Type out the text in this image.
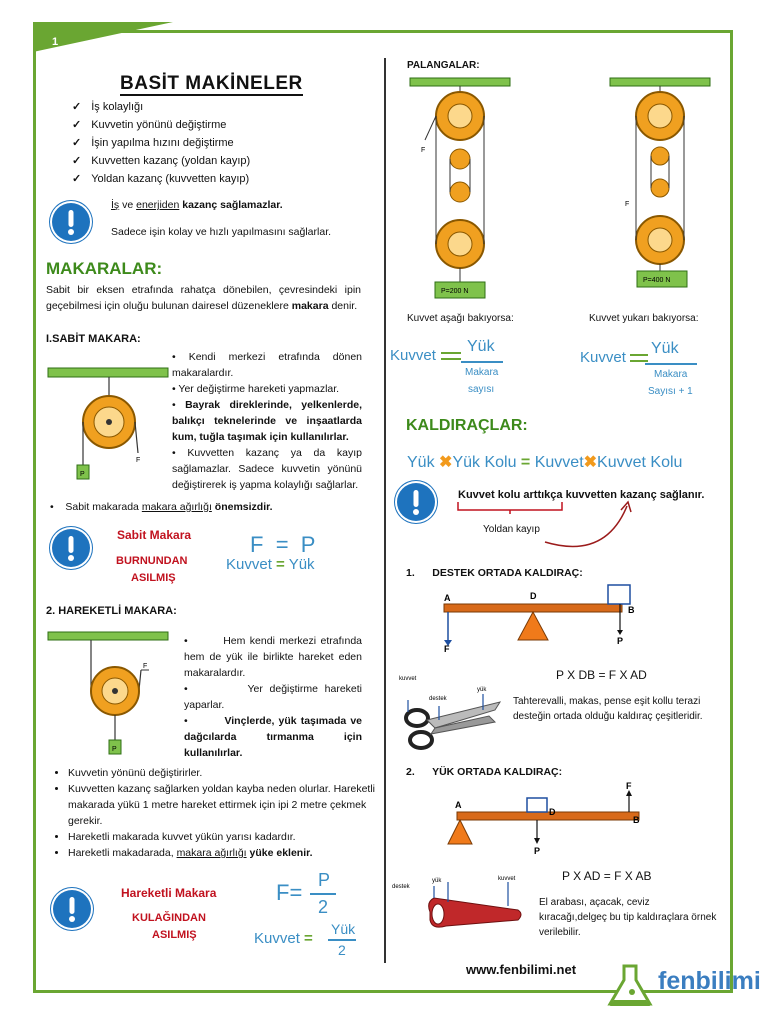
1
BASİT MAKİNELER
✓ İş kolaylığı
✓ Kuvvetin yönünü değiştirme
✓ İşin yapılma hızını değiştirme
✓ Kuvvetten kazanç (yoldan kayıp)
✓ Yoldan kazanç (kuvvetten kayıp)
İş ve enerjiden kazanç sağlamazlar.
Sadece işin kolay ve hızlı yapılmasını sağlarlar.
MAKARALAR:
Sabit bir eksen etrafında rahatça dönebilen, çevresindeki ipin geçebilmesi için oluğu bulunan dairesel düzeneklere makara denir.
I.SABİT MAKARA:
P
F
• Kendi merkezi etrafında dönen makaralardır.
• Yer değiştirme hareketi yapmazlar.
• Bayrak direklerinde, yelkenlerde, balıkçı teknelerinde ve inşaatlarda kum, tuğla taşımak için kullanılırlar.
• Kuvvetten kazanç ya da kayıp sağlamazlar. Sadece kuvvetin yönünü değiştirerek iş yapma kolaylığı sağlarlar.
•    Sabit makarada makara ağırlığı önemsizdir.
Sabit Makara
BURNUNDAN
ASILMIŞ
F = P
Kuvvet = Yük
2. HAREKETLİ MAKARA:
P
F
•        Hem kendi merkezi etrafında hem de yük ile birlikte hareket eden makaralardır.
•         Yer değiştirme hareketi yaparlar.
•         Vinçlerde, yük taşımada ve dağcılarda tırmanma için kullanılırlar.
• Kuvvetin yönünü değiştirirler.
• Kuvvetten kazanç sağlarken yoldan kayba neden olurlar. Hareketli makarada yükü 1 metre hareket ettirmek için ipi 2 metre çekmek gerekir.
• Hareketli makarada kuvvet yükün yarısı kadardır.
• Hareketli makadarada, makara ağırlığı yüke eklenir.
Hareketli Makara
KULAĞINDAN
ASILMIŞ
F= P
2
Kuvvet =
Yük
2
PALANGALAR:
F
P=200 N
F
P=400 N
Kuvvet aşağı bakıyorsa:	Kuvvet yukarı bakıyorsa:
Kuvvet
Yük
Makara
sayısı
Kuvvet
Yük
Makara
Sayısı + 1
KALDIRAÇLAR:
Yük ✖Yük Kolu = Kuvvet✖Kuvvet Kolu
Kuvvet kolu arttıkça kuvvetten kazanç sağlanır.
Yoldan kayıp
1.      DESTEK ORTADA KALDIRAÇ:
A	D
B
F
P
P X DB = F X AD
kuvvet
destek
yük
Tahterevalli, makas, pense eşit kollu terazi desteğin ortada olduğu kaldıraç çeşitleridir.
2.      YÜK ORTADA KALDIRAÇ:
A
D
B
F
P
P X AD = F X AB
destek
yük	kuvvet
El arabası, açacak, ceviz kıracağı,delgeç bu tip kaldıraçlara örnek verilebilir.
www.fenbilimi.net	fenbilimi
